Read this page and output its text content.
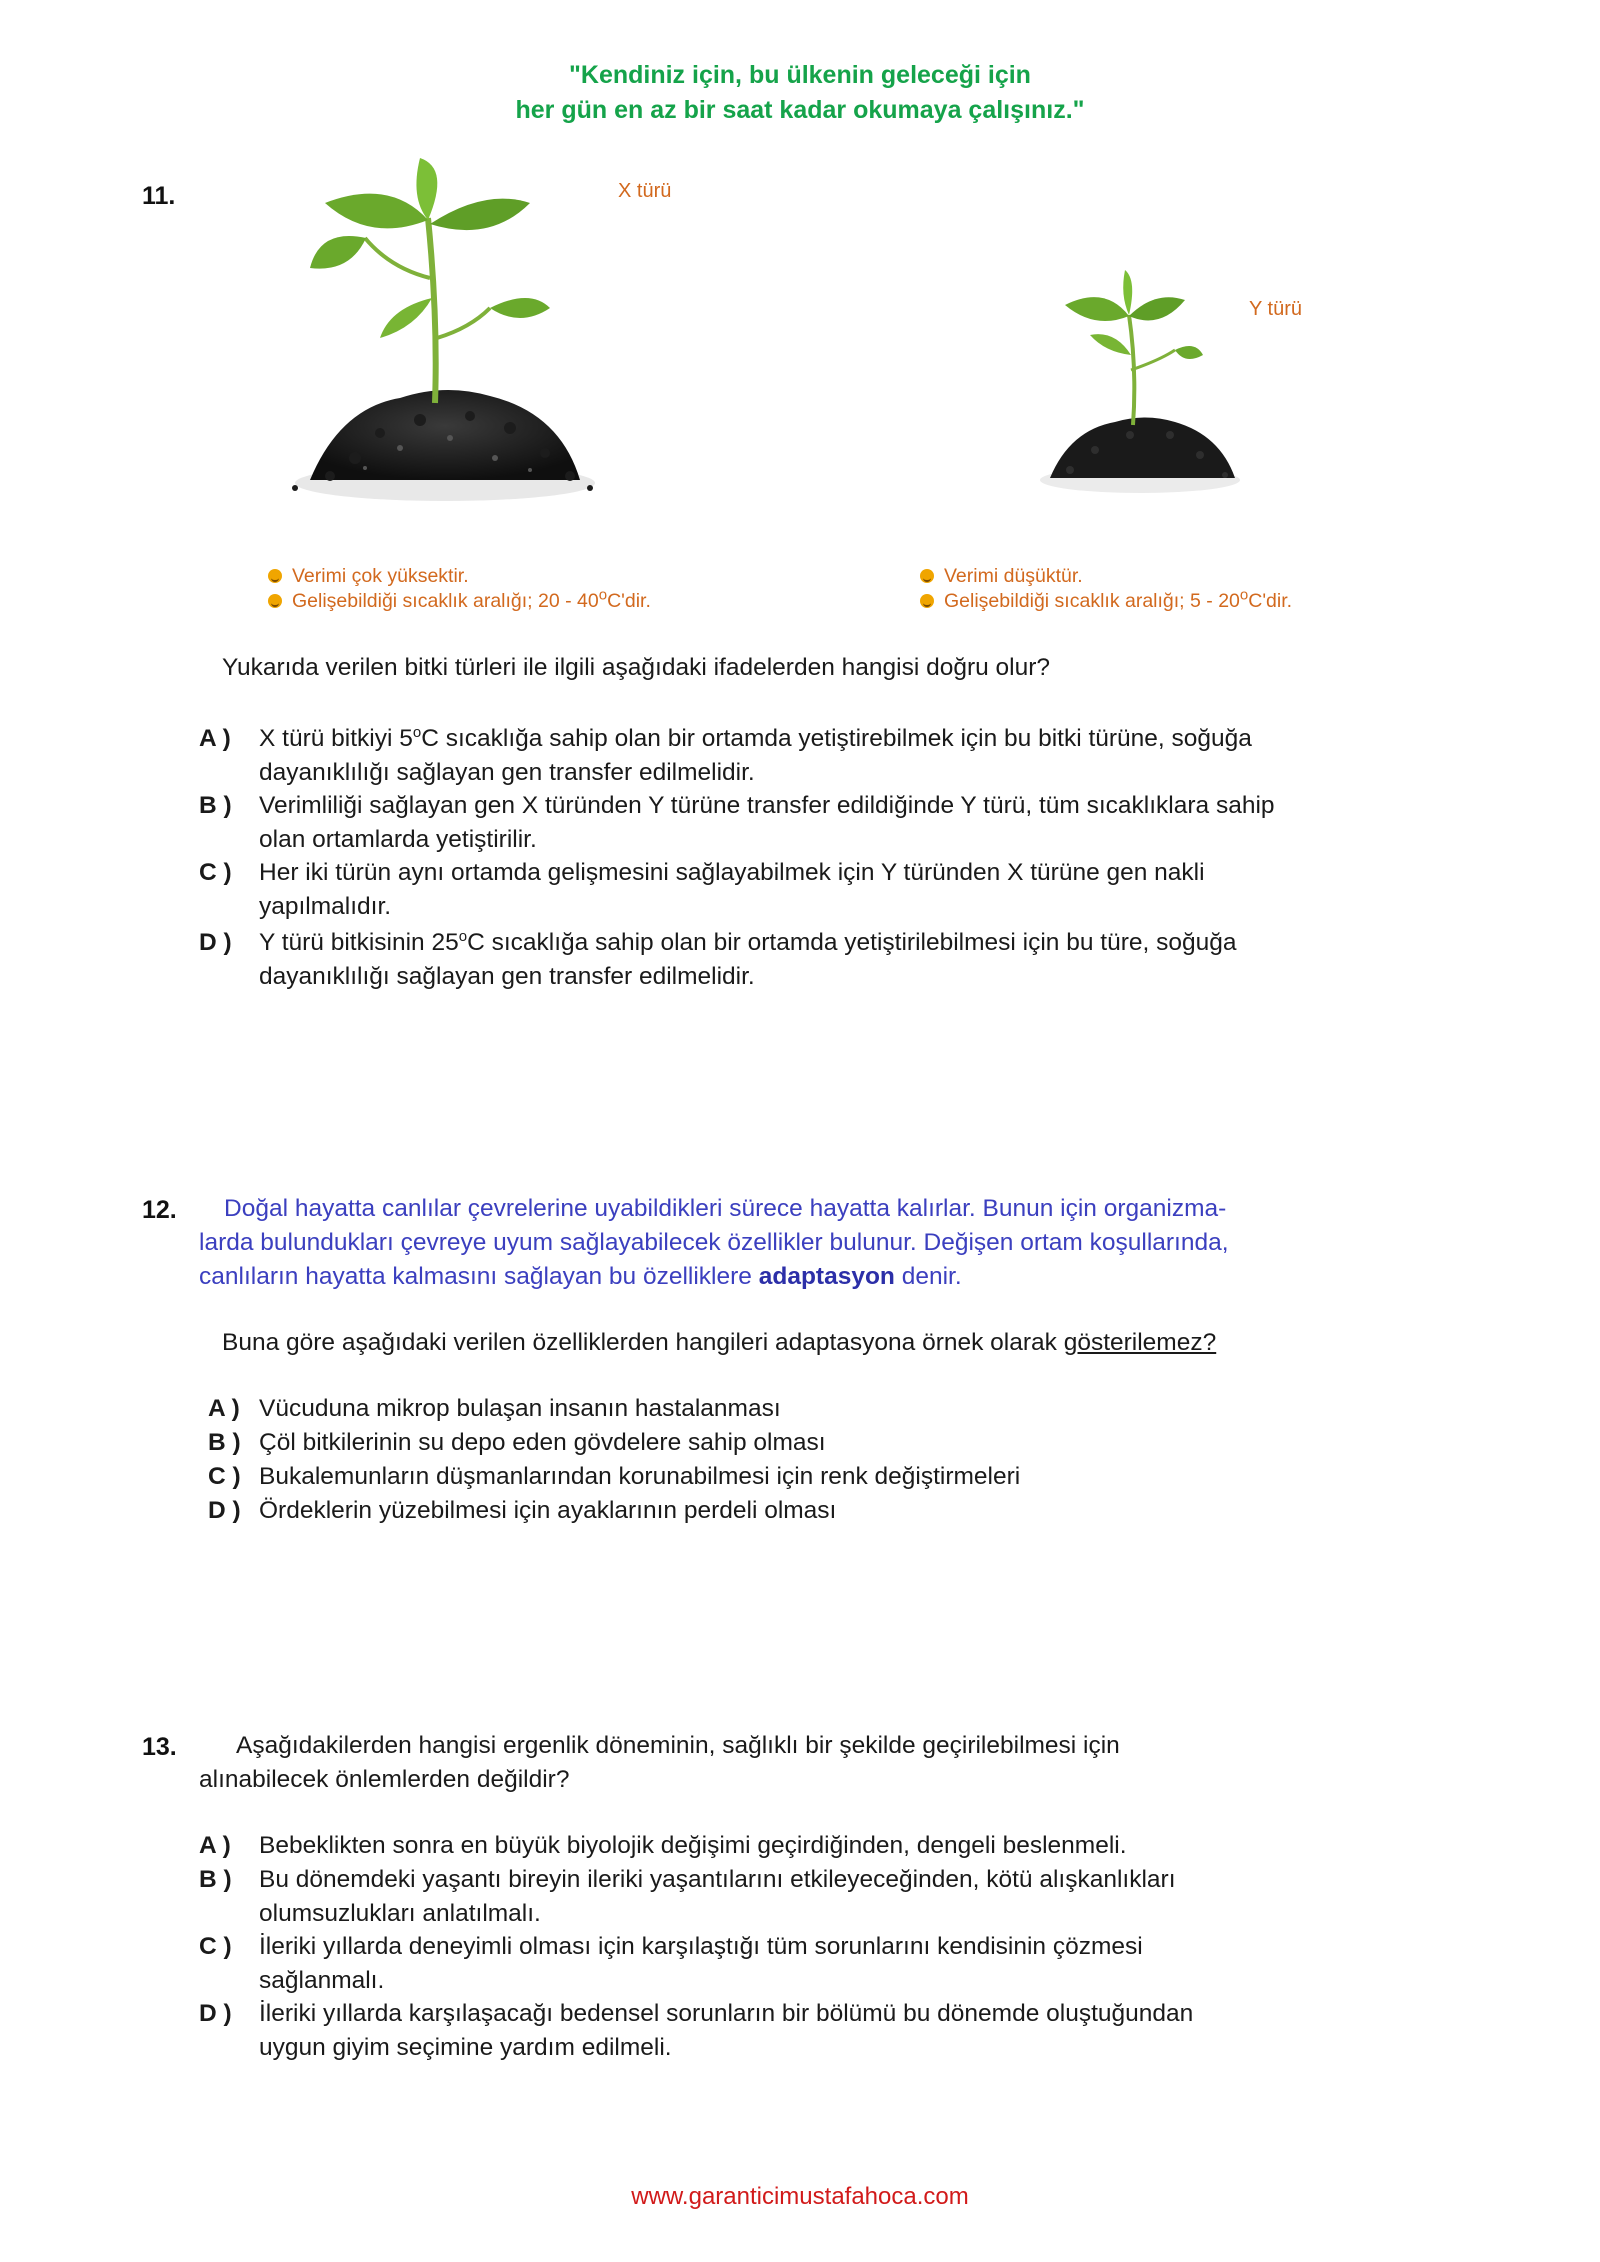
"Kendiniz için, bu ülkenin geleceği için
her gün en az bir saat kadar okumaya çalışınız."
11.	X türü
Y türü
Verimi çok yüksektir.
Gelişebildiği sıcaklık aralığı; 20 - 40$^o$C'dir.
Verimi düşüktür.
Gelişebildiği sıcaklık aralığı; 5 - 20$^o$C'dir.
Yukarıda verilen bitki türleri ile ilgili aşağıdaki ifadelerden hangisi doğru olur?
A ) X türü bitkiyi 5$^o$C sıcaklığa sahip olan bir ortamda yetiştirebilmek için bu bitki türüne, soğuğa
dayanıklılığı sağlayan gen transfer edilmelidir.
B ) Verimliliği sağlayan gen X türünden Y türüne transfer edildiğinde Y türü, tüm sıcaklıklara sahip
olan ortamlarda yetiştirilir.
C ) Her iki türün aynı ortamda gelişmesini sağlayabilmek için Y türünden X türüne gen nakli
yapılmalıdır.
D ) Y türü bitkisinin 25$^o$C sıcaklığa sahip olan bir ortamda yetiştirilebilmesi için bu türe, soğuğa
dayanıklılığı sağlayan gen transfer edilmelidir.
12. Doğal hayatta canlılar çevrelerine uyabildikleri sürece hayatta kalırlar. Bunun için organizma-
larda bulundukları çevreye uyum sağlayabilecek özellikler bulunur. Değişen ortam koşullarında,
canlıların hayatta kalmasını sağlayan bu özelliklere adaptasyon denir.
Buna göre aşağıdaki verilen özelliklerden hangileri adaptasyona örnek olarak gösterilemez?
A ) Vücuduna mikrop bulaşan insanın hastalanması
B ) Çöl bitkilerinin su depo eden gövdelere sahip olması
C ) Bukalemunların düşmanlarından korunabilmesi için renk değiştirmeleri
D ) Ördeklerin yüzebilmesi için ayaklarının perdeli olması
13. Aşağıdakilerden hangisi ergenlik döneminin, sağlıklı bir şekilde geçirilebilmesi için
alınabilecek önlemlerden değildir?
A ) Bebeklikten sonra en büyük biyolojik değişimi geçirdiğinden, dengeli beslenmeli.
B ) Bu dönemdeki yaşantı bireyin ileriki yaşantılarını etkileyeceğinden, kötü alışkanlıkları
olumsuzlukları anlatılmalı.
C ) İleriki yıllarda deneyimli olması için karşılaştığı tüm sorunlarını kendisinin çözmesi
sağlanmalı.
D ) İleriki yıllarda karşılaşacağı bedensel sorunların bir bölümü bu dönemde oluştuğundan
uygun giyim seçimine yardım edilmeli.
www.garanticimustafahoca.com
